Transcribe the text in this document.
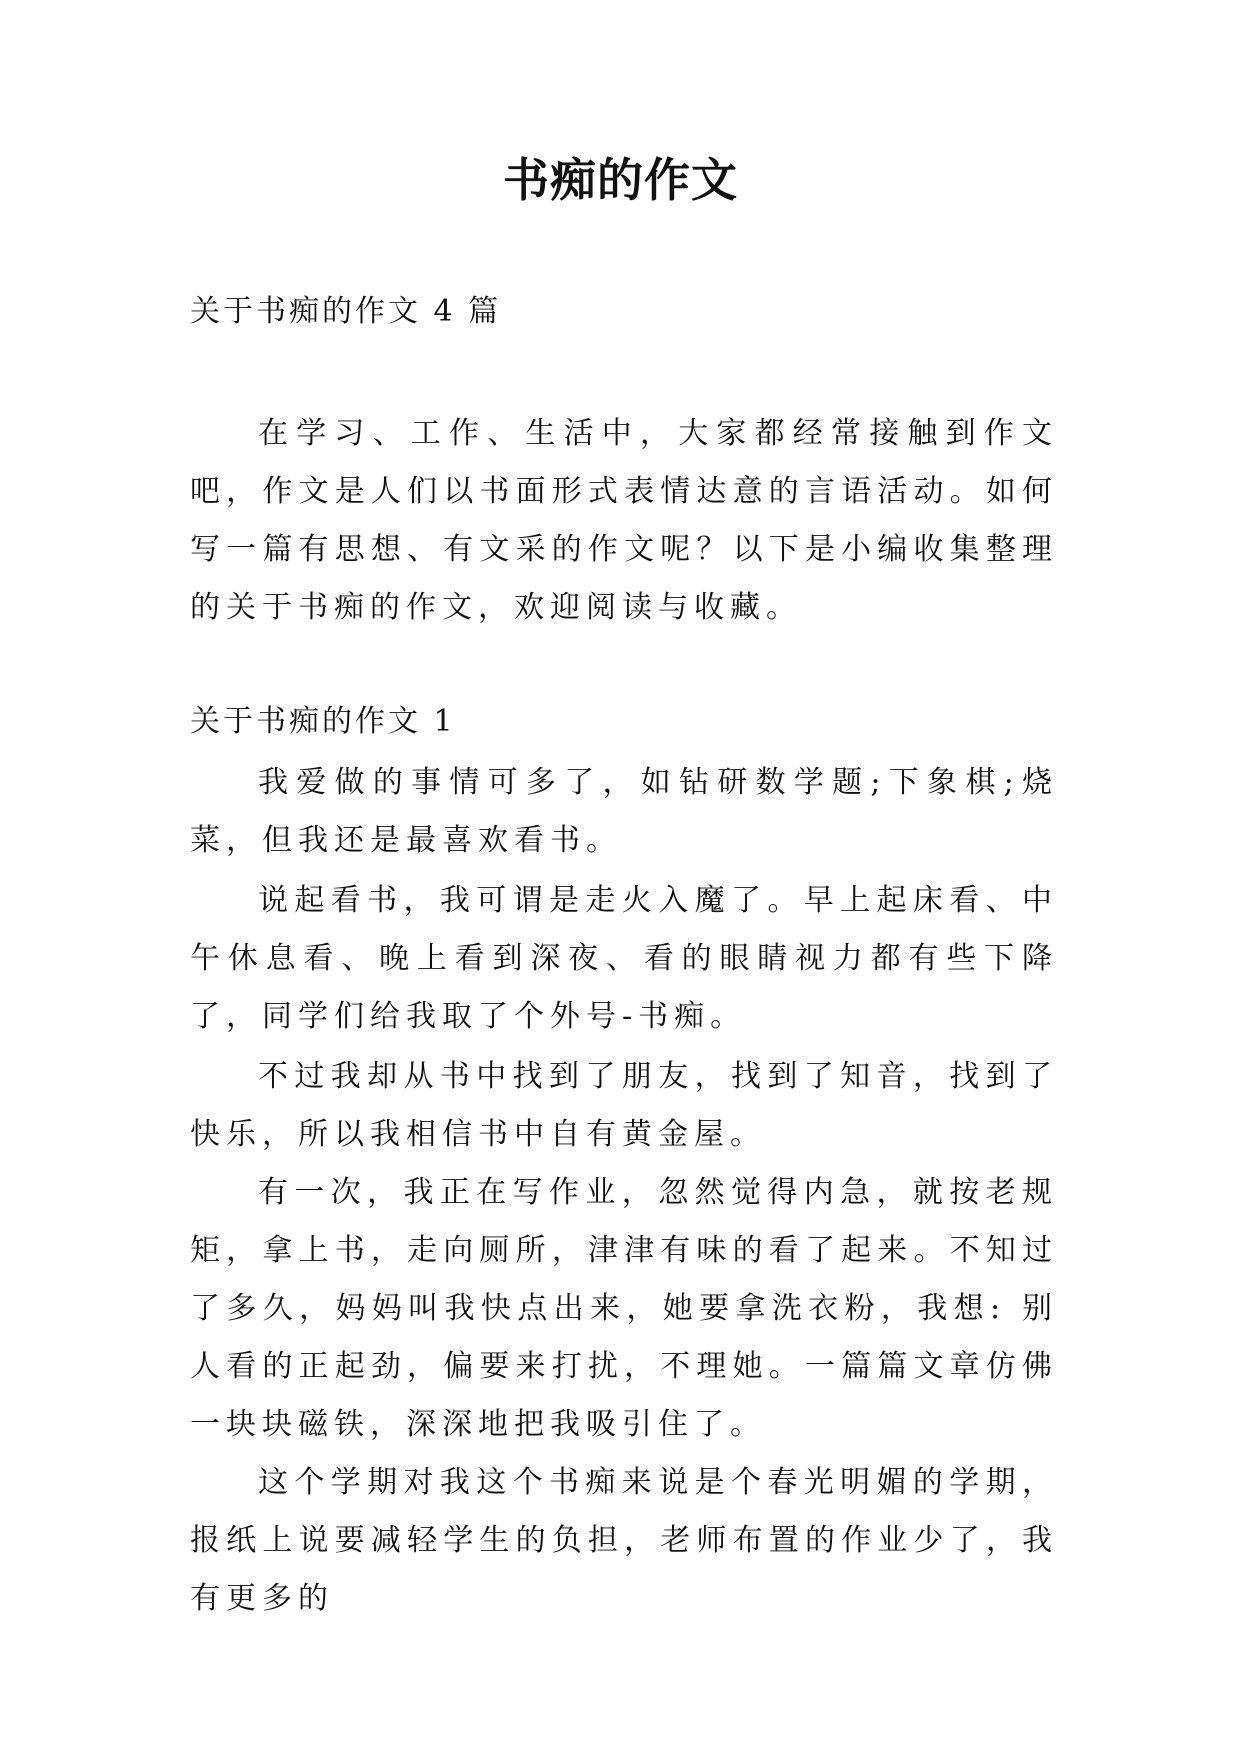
书痴的作文

关于书痴的作文 4 篇

在学习、工作、生活中，大家都经常接触到作文吧，作文是人们以书面形式表情达意的言语活动。如何写一篇有思想、有文采的作文呢？以下是小编收集整理的关于书痴的作文，欢迎阅读与收藏。

关于书痴的作文 1

我爱做的事情可多了，如钻研数学题;下象棋;烧菜，但我还是最喜欢看书。

说起看书，我可谓是走火入魔了。早上起床看、中午休息看、晚上看到深夜、看的眼睛视力都有些下降了，同学们给我取了个外号-书痴。

不过我却从书中找到了朋友，找到了知音，找到了快乐，所以我相信书中自有黄金屋。

有一次，我正在写作业，忽然觉得内急，就按老规矩，拿上书，走向厕所，津津有味的看了起来。不知过了多久，妈妈叫我快点出来，她要拿洗衣粉，我想: 别人看的正起劲，偏要来打扰，不理她。一篇篇文章仿佛一块块磁铁，深深地把我吸引住了。

这个学期对我这个书痴来说是个春光明媚的学期，报纸上说要减轻学生的负担，老师布置的作业少了，我有更多的
